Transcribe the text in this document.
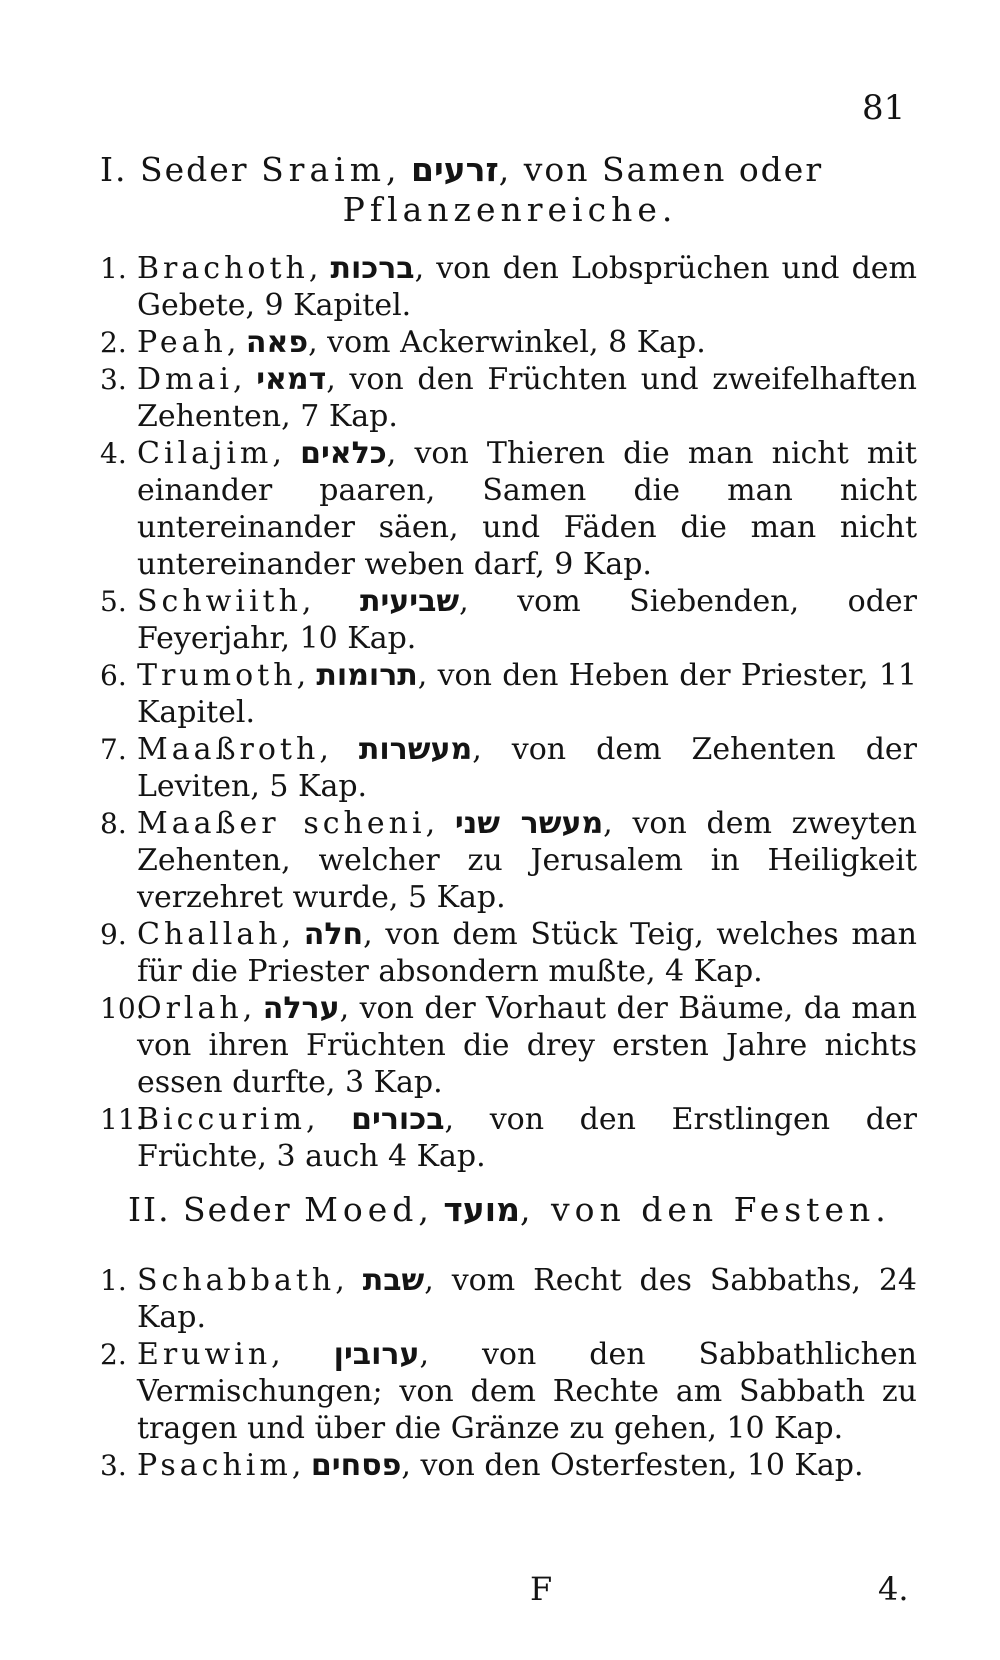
81
I. Seder Sraim, זרעים, von Samen oder
Pflanzenreiche.
1. Brachoth, ברכות, von den Lobsprüchen und dem Gebete, 9 Kapitel.
2. Peah, פאה, vom Ackerwinkel, 8 Kap.
3. Dmai, דמאי, von den Früchten und zweifelhaften Zehenten, 7 Kap.
4. Cilajim, כלאים, von Thieren die man nicht mit einander paaren, Samen die man nicht untereinander säen, und Fäden die man nicht untereinander weben darf, 9 Kap.
5. Schwiith, שביעית, vom Siebenden, oder Feyerjahr, 10 Kap.
6. Trumoth, תרומות, von den Heben der Priester, 11 Kapitel.
7. Maaßroth, מעשרות, von dem Zehenten der Leviten, 5 Kap.
8. Maaßer scheni, מעשר שני, von dem zweyten Zehenten, welcher zu Jerusalem in Heiligkeit verzehret wurde, 5 Kap.
9. Challah, חלה, von dem Stück Teig, welches man für die Priester absondern mußte, 4 Kap.
10.
Orlah, ערלה, von der Vorhaut der Bäume, da man von ihren Früchten die drey ersten Jahre nichts essen durfte, 3 Kap.
11.
Biccurim, בכורים, von den Erstlingen der Früchte, 3 auch 4 Kap.
II. Seder Moed, מועד, von den Festen.
1. Schabbath, שבת, vom Recht des Sabbaths, 24 Kap.
2. Eruwin, ערובין, von den Sabbathlichen Vermischungen; von dem Rechte am Sabbath zu tragen und über die Gränze zu gehen, 10 Kap.
3. Psachim, פסחים, von den Osterfesten, 10 Kap.
F	4.
